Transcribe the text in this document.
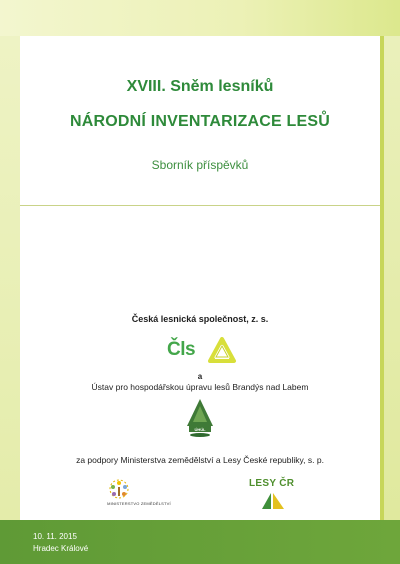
XVIII. Sněm lesníků
NÁRODNÍ INVENTARIZACE LESŮ
Sborník příspěvků
Česká lesnická společnost, z. s.
Čls
a
Ústav pro hospodářskou úpravu lesů Brandýs nad Labem
ÚHÚL
za podpory Ministerstva zemědělství a Lesy České republiky, s. p.
MINISTERSTVO ZEMĚDĚLSTVÍ
LESY ČR
10. 11. 2015
Hradec Králové
